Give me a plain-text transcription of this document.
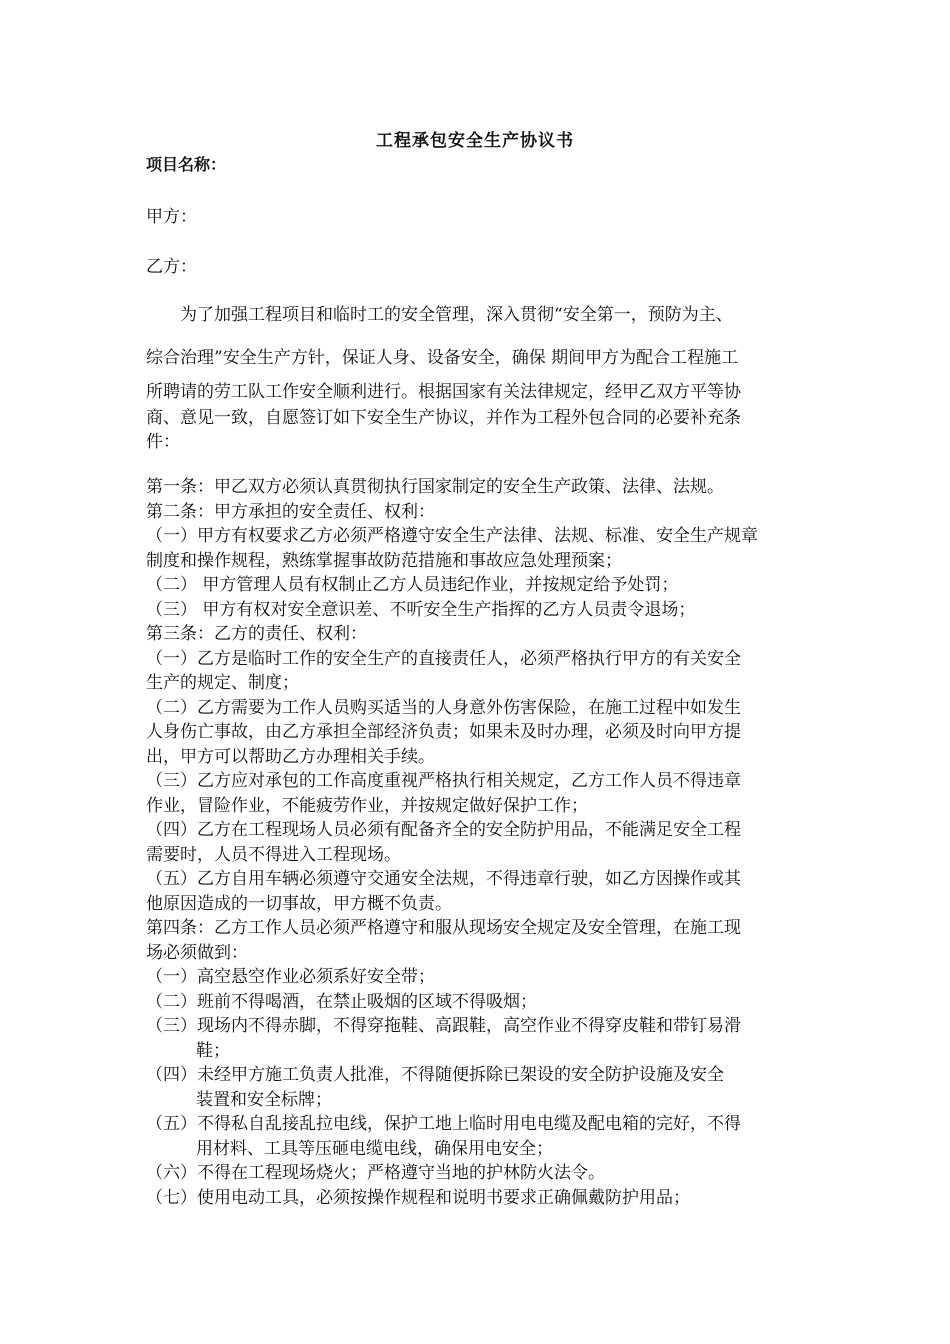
工程承包安全生产协议书
项目名称：
甲方：
乙方：
为了加强工程项目和临时工的安全管理，深入贯彻“安全第一，预防为主、
综合治理”安全生产方针，保证人身、设备安全，确保 期间甲方为配合工程施工
所聘请的劳工队工作安全顺利进行。根据国家有关法律规定，经甲乙双方平等协
商、意见一致，自愿签订如下安全生产协议，并作为工程外包合同的必要补充条
件：

第一条：甲乙双方必须认真贯彻执行国家制定的安全生产政策、法律、法规。

第二条：甲方承担的安全责任、权利：

（一）甲方有权要求乙方必须严格遵守安全生产法律、法规、标准、安全生产规章

制度和操作规程，熟练掌握事故防范措施和事故应急处理预案；

（二） 甲方管理人员有权制止乙方人员违纪作业，并按规定给予处罚；

（三） 甲方有权对安全意识差、不听安全生产指挥的乙方人员责令退场；

第三条：乙方的责任、权利：

（一）乙方是临时工作的安全生产的直接责任人，必须严格执行甲方的有关安全

生产的规定、制度；

（二）乙方需要为工作人员购买适当的人身意外伤害保险，在施工过程中如发生

人身伤亡事故，由乙方承担全部经济负责；如果未及时办理，必须及时向甲方提

出，甲方可以帮助乙方办理相关手续。

（三）乙方应对承包的工作高度重视严格执行相关规定，乙方工作人员不得违章

作业，冒险作业，不能疲劳作业，并按规定做好保护工作；

（四）乙方在工程现场人员必须有配备齐全的安全防护用品，不能满足安全工程

需要时，人员不得进入工程现场。

（五）乙方自用车辆必须遵守交通安全法规，不得违章行驶，如乙方因操作或其

他原因造成的一切事故，甲方概不负责。

第四条：乙方工作人员必须严格遵守和服从现场安全规定及安全管理，在施工现

场必须做到：

（一）高空悬空作业必须系好安全带；

（二）班前不得喝酒，在禁止吸烟的区域不得吸烟；

（三）现场内不得赤脚，不得穿拖鞋、高跟鞋，高空作业不得穿皮鞋和带钉易滑

鞋；

（四）未经甲方施工负责人批准，不得随便拆除已架设的安全防护设施及安全

装置和安全标牌；

（五）不得私自乱接乱拉电线，保护工地上临时用电电缆及配电箱的完好，不得

用材料、工具等压砸电缆电线，确保用电安全；

（六）不得在工程现场烧火；严格遵守当地的护林防火法令。

（七）使用电动工具，必须按操作规程和说明书要求正确佩戴防护用品；
